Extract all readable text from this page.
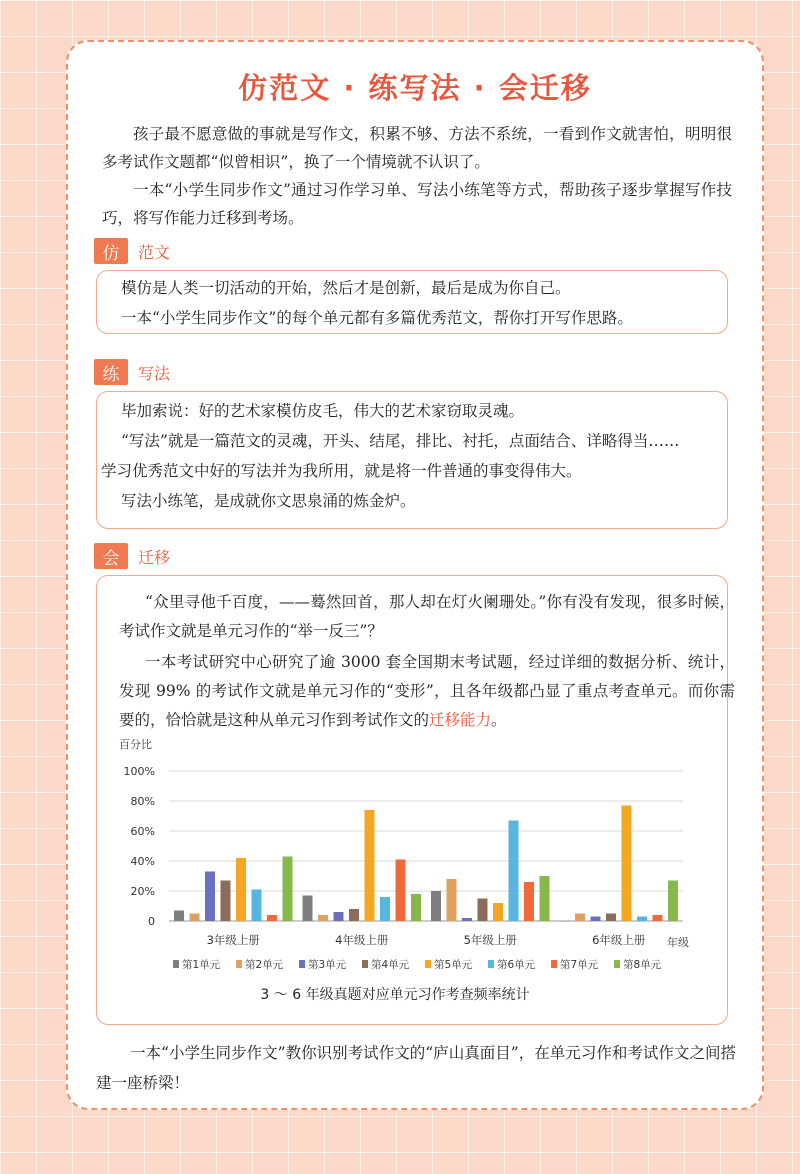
仿范文 · 练写法 · 会迁移

孩子最不愿意做的事就是写作文，积累不够、方法不系统，一看到作文就害怕，明明很多考试作文题都“似曾相识”，换了一个情境就不认识了。

一本“小学生同步作文”通过习作学习单、写法小练笔等方式，帮助孩子逐步掌握写作技巧，将写作能力迁移到考场。

仿	范文

模仿是人类一切活动的开始，然后才是创新，最后是成为你自己。

一本“小学生同步作文”的每个单元都有多篇优秀范文，帮你打开写作思路。

练	写法

毕加索说：好的艺术家模仿皮毛，伟大的艺术家窃取灵魂。

“写法”就是一篇范文的灵魂，开头、结尾，排比、衬托，点面结合、详略得当……

学习优秀范文中好的写法并为我所用，就是将一件普通的事变得伟大。

写法小练笔，是成就你文思泉涌的炼金炉。

会	迁移

“众里寻他千百度，——蓦然回首，那人却在灯火阑珊处。”你有没有发现，很多时候，考试作文就是单元习作的“举一反三”？

一本考试研究中心研究了逾 3000 套全国期末考试题，经过详细的数据分析、统计，发现 99% 的考试作文就是单元习作的“变形”，且各年级都凸显了重点考查单元。而你需要的，恰恰就是这种从单元习作到考试作文的迁移能力。

百分比
年级
0
20%
40%
60%
80%
100%
3年级上册	4年级上册	5年级上册	6年级上册
第1单元 第2单元 第3单元 第4单元 第5单元 第6单元 第7单元 第8单元
3 ～ 6 年级真题对应单元习作考查频率统计

一本“小学生同步作文”教你识别考试作文的“庐山真面目”，在单元习作和考试作文之间搭建一座桥梁！
